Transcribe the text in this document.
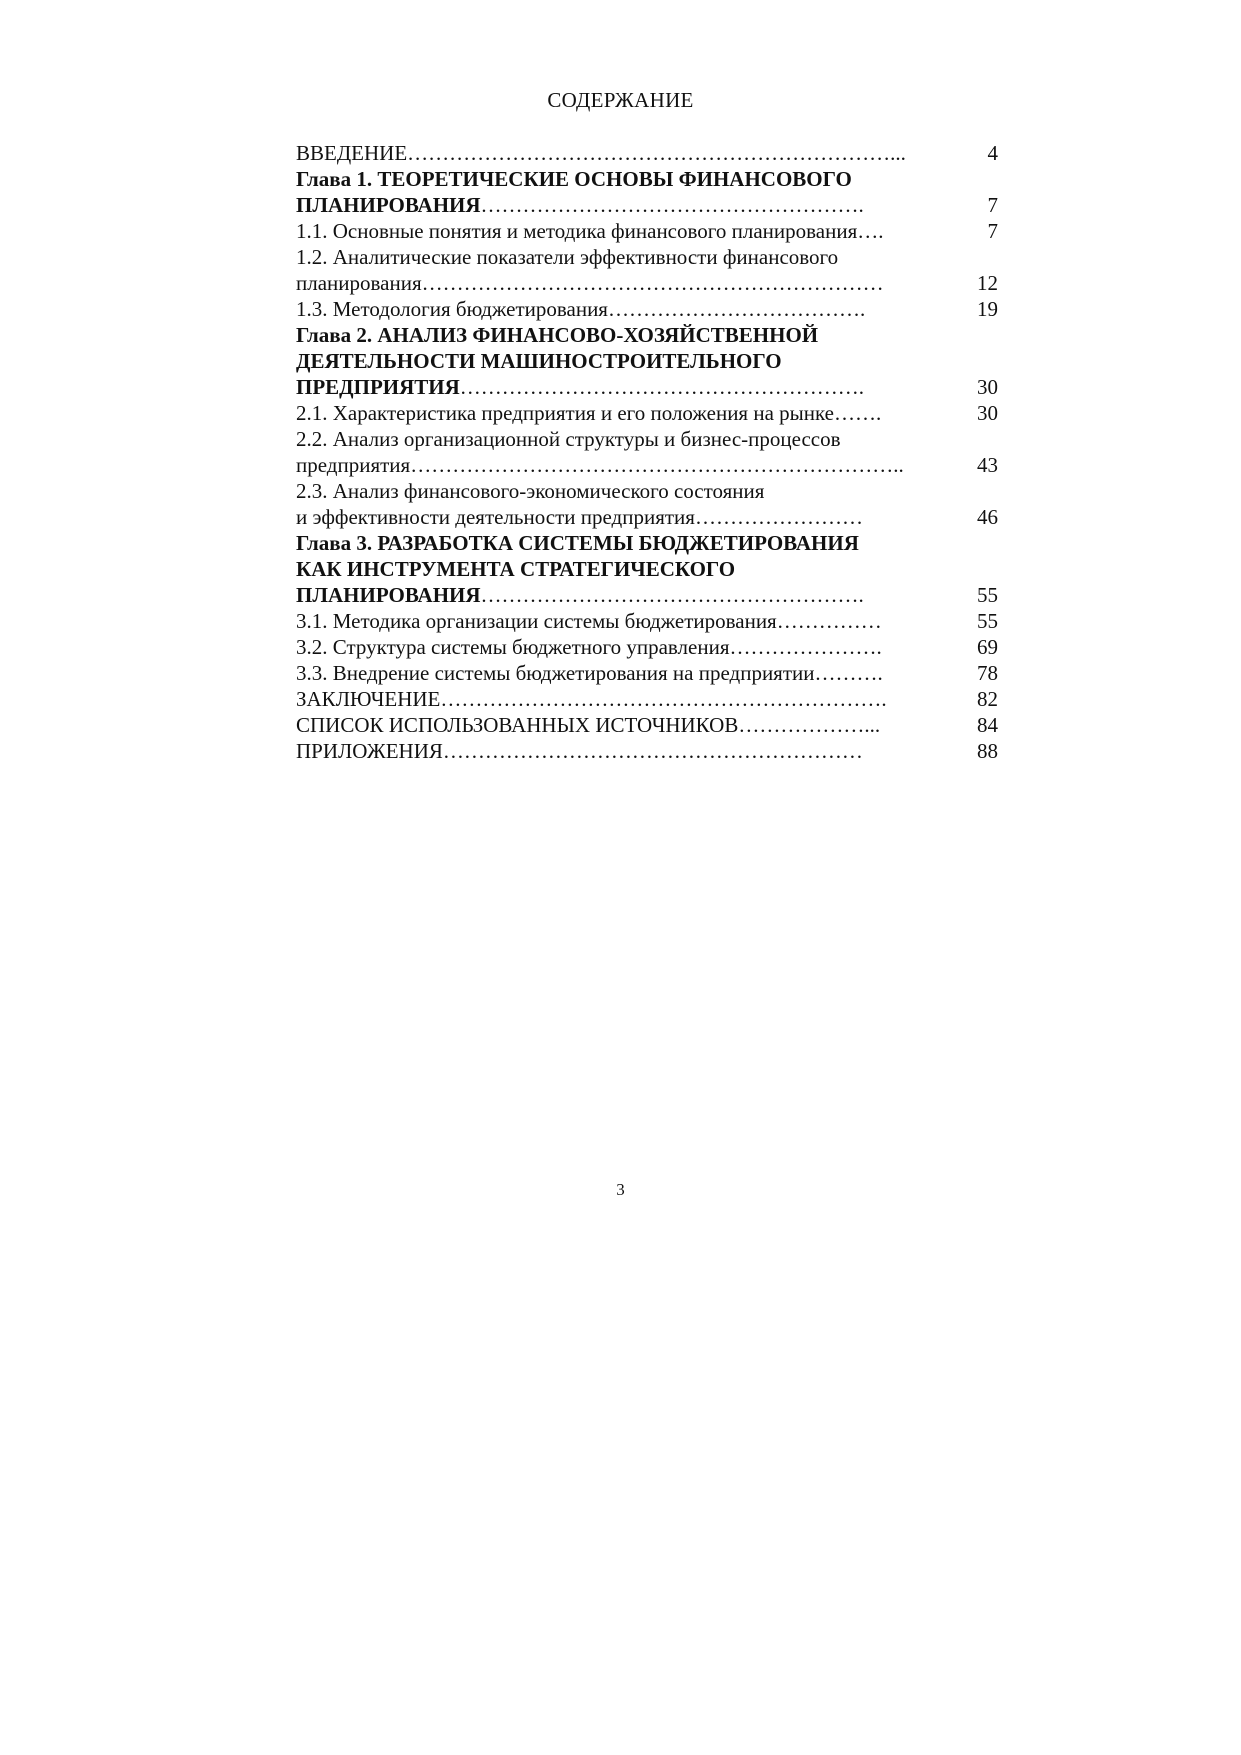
СОДЕРЖАНИЕ
ВВЕДЕНИЕ ……………………………………………………………...	4
Глава 1. ТЕОРЕТИЧЕСКИЕ ОСНОВЫ ФИНАНСОВОГО
ПЛАНИРОВАНИЯ ……………………………………………….	7
1.1. Основные понятия и методика финансового планирования ….	7
1.2. Аналитические показатели эффективности финансового
планирования …………………………………………………………	12
1.3. Методология бюджетирования ……………………………….	19
Глава 2. АНАЛИЗ ФИНАНСОВО-ХОЗЯЙСТВЕННОЙ
ДЕЯТЕЛЬНОСТИ МАШИНОСТРОИТЕЛЬНОГО
ПРЕДПРИЯТИЯ ………………………………………………….	30
2.1. Характеристика предприятия и его положения на рынке …….	30
2.2. Анализ организационной структуры и бизнес-процессов
предприятия ……………………………………………………………..	43
2.3. Анализ финансового-экономического состояния
и эффективности деятельности предприятия ……………………	46
Глава 3. РАЗРАБОТКА СИСТЕМЫ БЮДЖЕТИРОВАНИЯ
КАК ИНСТРУМЕНТА СТРАТЕГИЧЕСКОГО
ПЛАНИРОВАНИЯ ……………………………………………….	55
3.1. Методика организации системы бюджетирования ……………	55
3.2. Структура системы бюджетного управления ………………….	69
3.3. Внедрение системы бюджетирования на предприятии ……….	78
ЗАКЛЮЧЕНИЕ ……………………………………………………….	82
СПИСОК ИСПОЛЬЗОВАННЫХ ИСТОЧНИКОВ ………………...	84
ПРИЛОЖЕНИЯ ……………………………………………………	88
3
